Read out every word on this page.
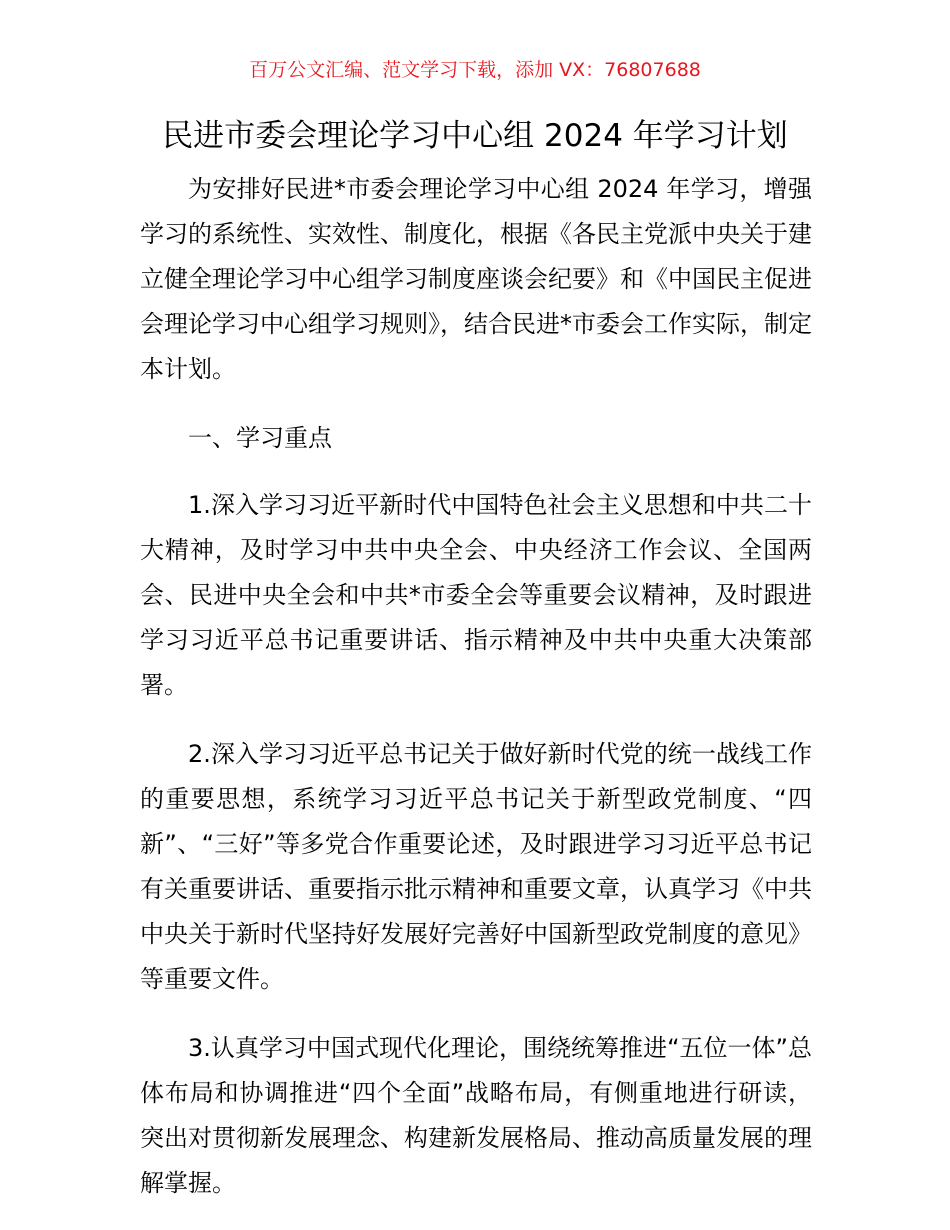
百万公文汇编、范文学习下载，添加 VX：76807688
民进市委会理论学习中心组 2024 年学习计划

为安排好民进*市委会理论学习中心组 2024 年学习，增强学习的系统性、实效性、制度化，根据《各民主党派中央关于建立健全理论学习中心组学习制度座谈会纪要》和《中国民主促进会理论学习中心组学习规则》，结合民进*市委会工作实际，制定本计划。

一、学习重点

1.深入学习习近平新时代中国特色社会主义思想和中共二十大精神，及时学习中共中央全会、中央经济工作会议、全国两会、民进中央全会和中共*市委全会等重要会议精神，及时跟进学习习近平总书记重要讲话、指示精神及中共中央重大决策部署。

2.深入学习习近平总书记关于做好新时代党的统一战线工作的重要思想，系统学习习近平总书记关于新型政党制度、“四新”、“三好”等多党合作重要论述，及时跟进学习习近平总书记有关重要讲话、重要指示批示精神和重要文章，认真学习《中共中央关于新时代坚持好发展好完善好中国新型政党制度的意见》等重要文件。

3.认真学习中国式现代化理论，围绕统筹推进“五位一体”总体布局和协调推进“四个全面”战略布局，有侧重地进行研读，突出对贯彻新发展理念、构建新发展格局、推动高质量发展的理解掌握。
